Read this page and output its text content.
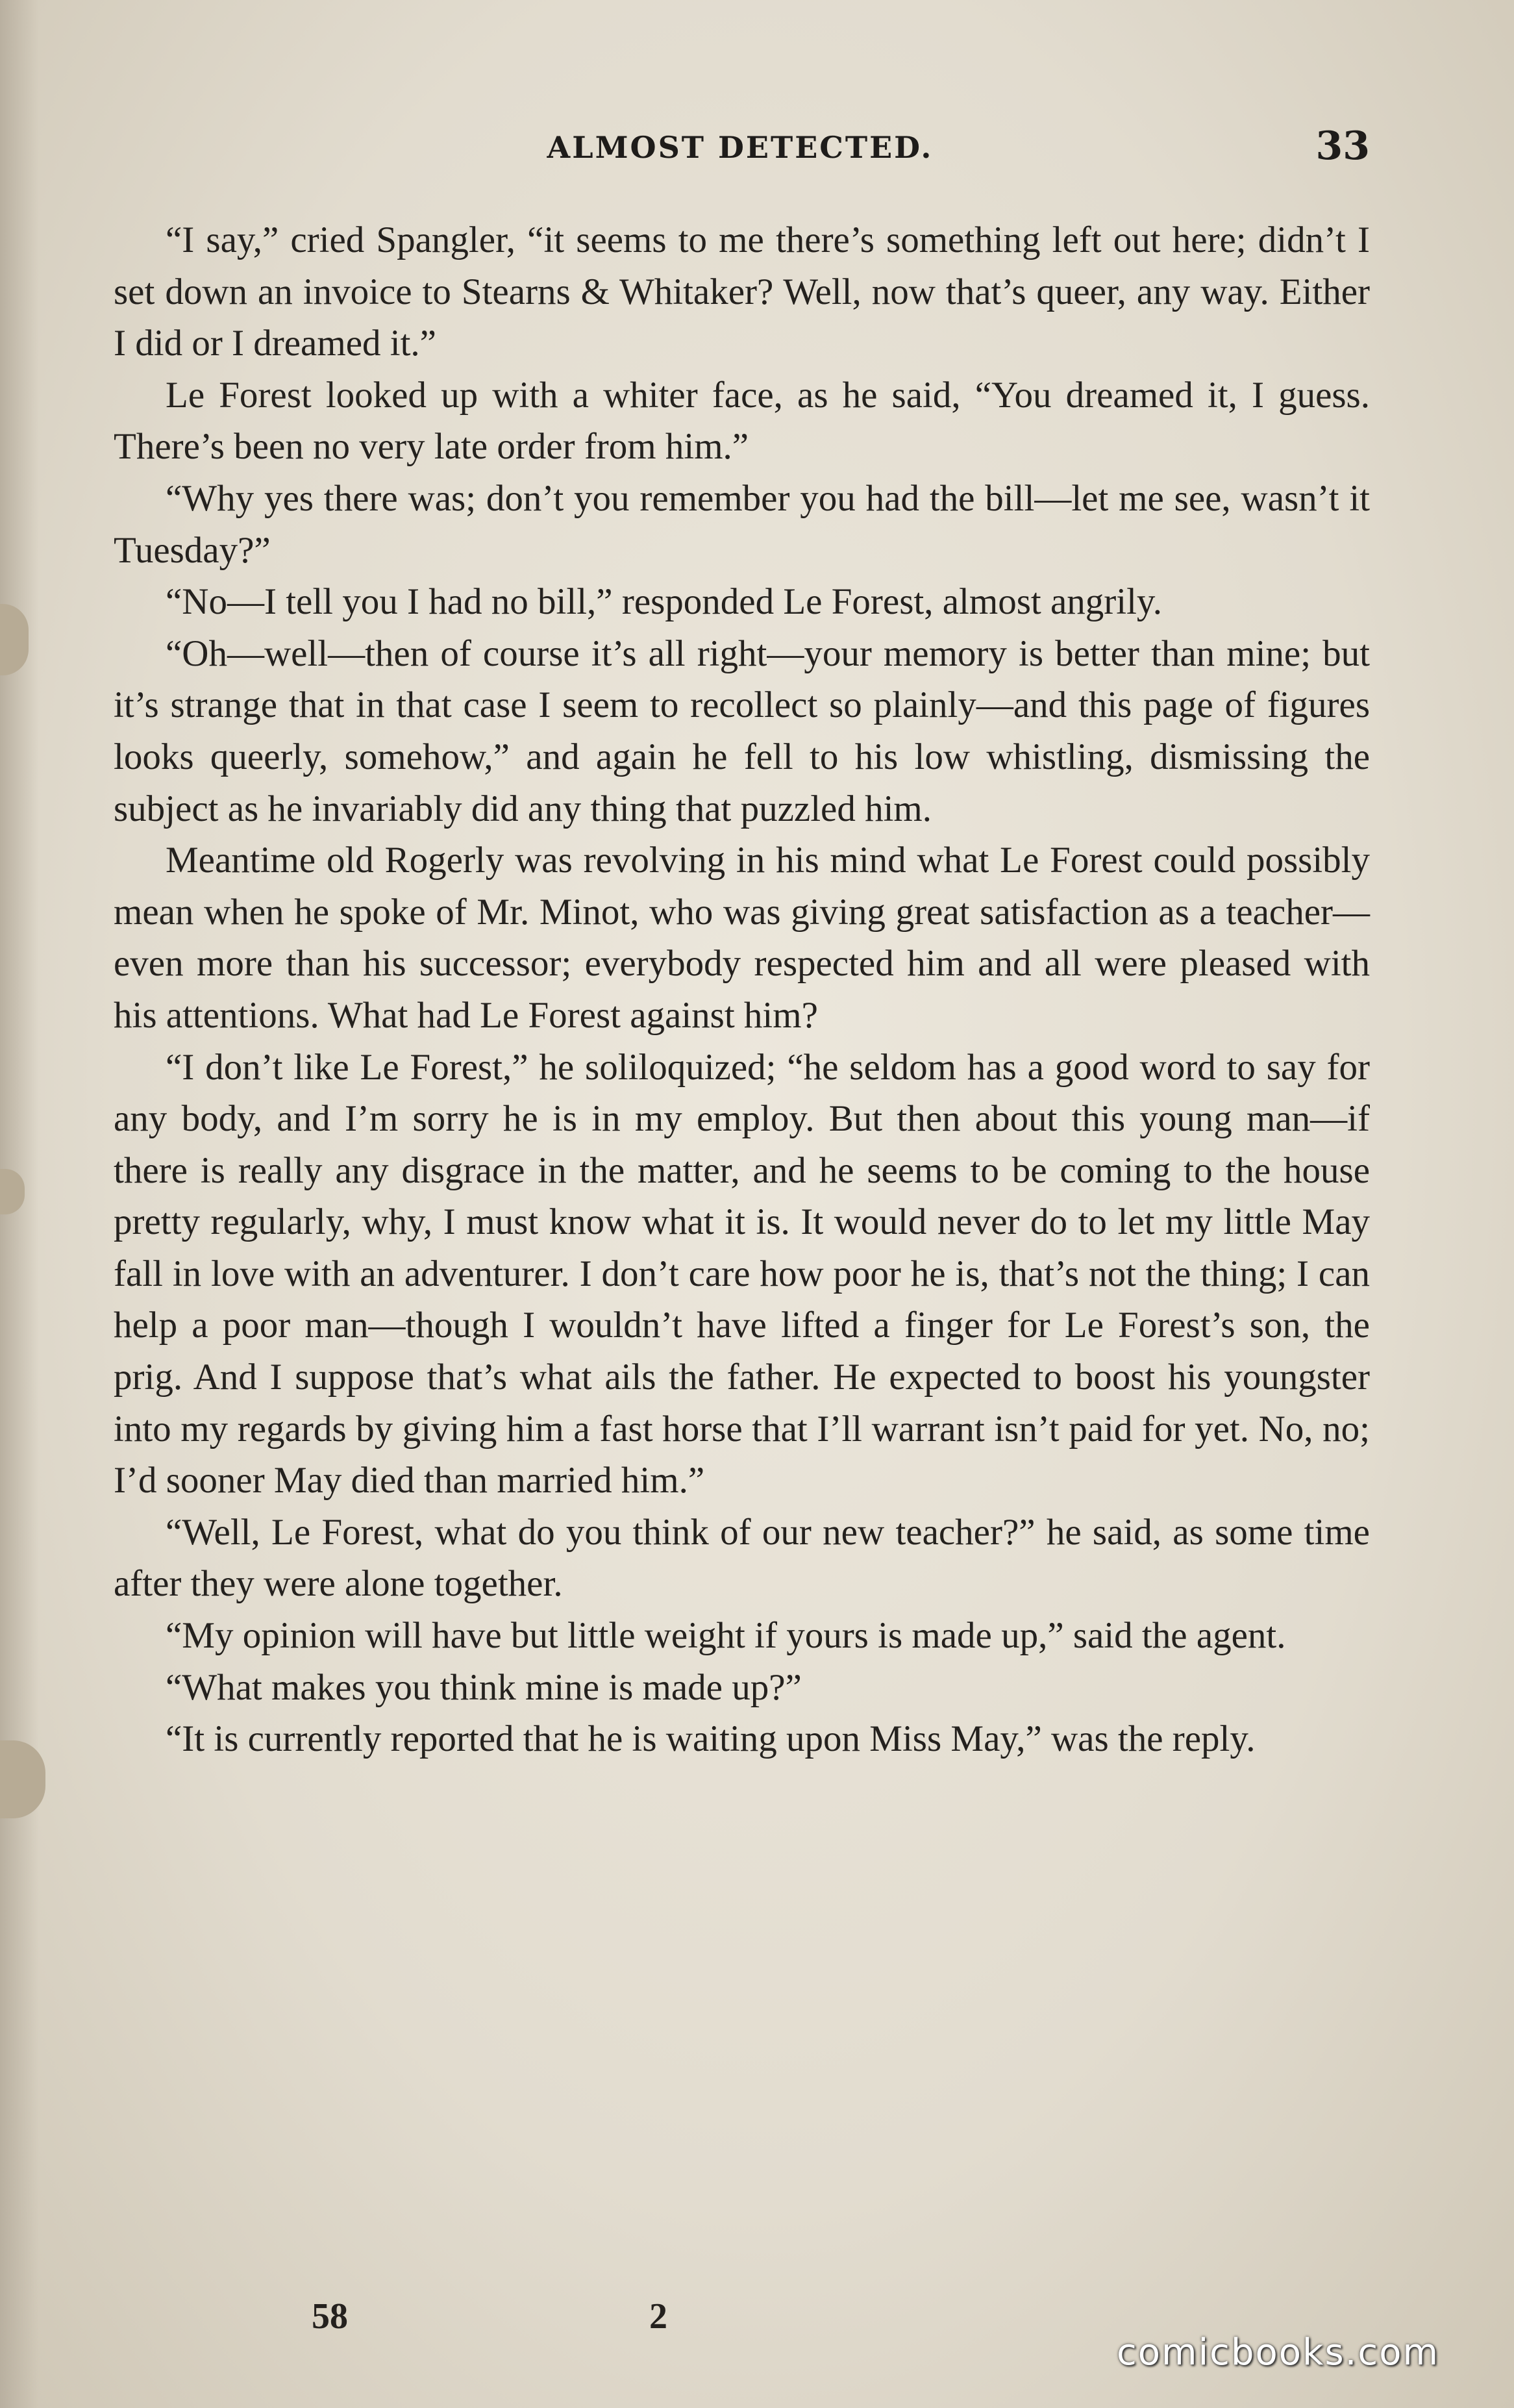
ALMOST DETECTED.	33

“I say,” cried Spangler, “it seems to me there’s something left out here; didn’t I set down an invoice to Stearns & Whitaker? Well, now that’s queer, any way. Either I did or I dreamed it.”

Le Forest looked up with a whiter face, as he said, “You dreamed it, I guess. There’s been no very late order from him.”

“Why yes there was; don’t you remember you had the bill—let me see, wasn’t it Tuesday?”

“No—I tell you I had no bill,” responded Le Forest, almost angrily.

“Oh—well—then of course it’s all right—your memory is better than mine; but it’s strange that in that case I seem to recollect so plainly—and this page of figures looks queerly, somehow,” and again he fell to his low whistling, dismissing the subject as he invariably did any thing that puzzled him.

Meantime old Rogerly was revolving in his mind what Le Forest could possibly mean when he spoke of Mr. Minot, who was giving great satisfaction as a teacher—even more than his successor; everybody respected him and all were pleased with his attentions. What had Le Forest against him?

“I don’t like Le Forest,” he soliloquized; “he seldom has a good word to say for any body, and I’m sorry he is in my employ. But then about this young man—if there is really any disgrace in the matter, and he seems to be coming to the house pretty regularly, why, I must know what it is. It would never do to let my little May fall in love with an adventurer. I don’t care how poor he is, that’s not the thing; I can help a poor man—though I wouldn’t have lifted a finger for Le Forest’s son, the prig. And I suppose that’s what ails the father. He expected to boost his youngster into my regards by giving him a fast horse that I’ll warrant isn’t paid for yet. No, no; I’d sooner May died than married him.”

“Well, Le Forest, what do you think of our new teacher?” he said, as some time after they were alone together.

“My opinion will have but little weight if yours is made up,” said the agent.

“What makes you think mine is made up?”

“It is currently reported that he is waiting upon Miss May,” was the reply.

58	2
comicbooks.com
